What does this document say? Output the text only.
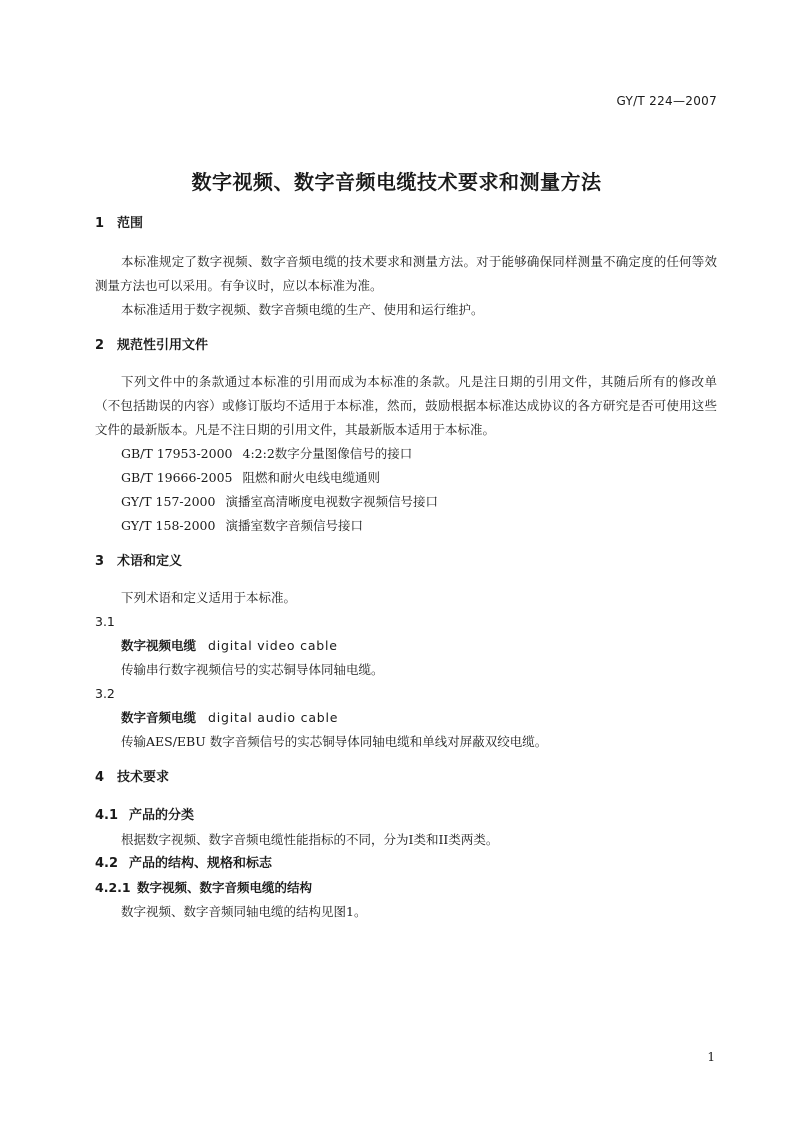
GY/T 224—2007
数字视频、数字音频电缆技术要求和测量方法
1 范围

本标准规定了数字视频、数字音频电缆的技术要求和测量方法。对于能够确保同样测量不确定度的任何等效测量方法也可以采用。有争议时，应以本标准为准。

本标准适用于数字视频、数字音频电缆的生产、使用和运行维护。

2 规范性引用文件

下列文件中的条款通过本标准的引用而成为本标准的条款。凡是注日期的引用文件，其随后所有的修改单（不包括勘误的内容）或修订版均不适用于本标准，然而，鼓励根据本标准达成协议的各方研究是否可使用这些文件的最新版本。凡是不注日期的引用文件，其最新版本适用于本标准。

GB/T 17953-2000 4:2:2数字分量图像信号的接口
GB/T 19666-2005 阻燃和耐火电线电缆通则
GY/T 157-2000 演播室高清晰度电视数字视频信号接口
GY/T 158-2000 演播室数字音频信号接口
3 术语和定义

下列术语和定义适用于本标准。

3.1
数字视频电缆 digital video cable
传输串行数字视频信号的实芯铜导体同轴电缆。
3.2
数字音频电缆 digital audio cable
传输AES/EBU 数字音频信号的实芯铜导体同轴电缆和单线对屏蔽双绞电缆。
4 技术要求
4.1 产品的分类

根据数字视频、数字音频电缆性能指标的不同，分为I类和II类两类。

4.2 产品的结构、规格和标志
4.2.1 数字视频、数字音频电缆的结构

数字视频、数字音频同轴电缆的结构见图1。

1
